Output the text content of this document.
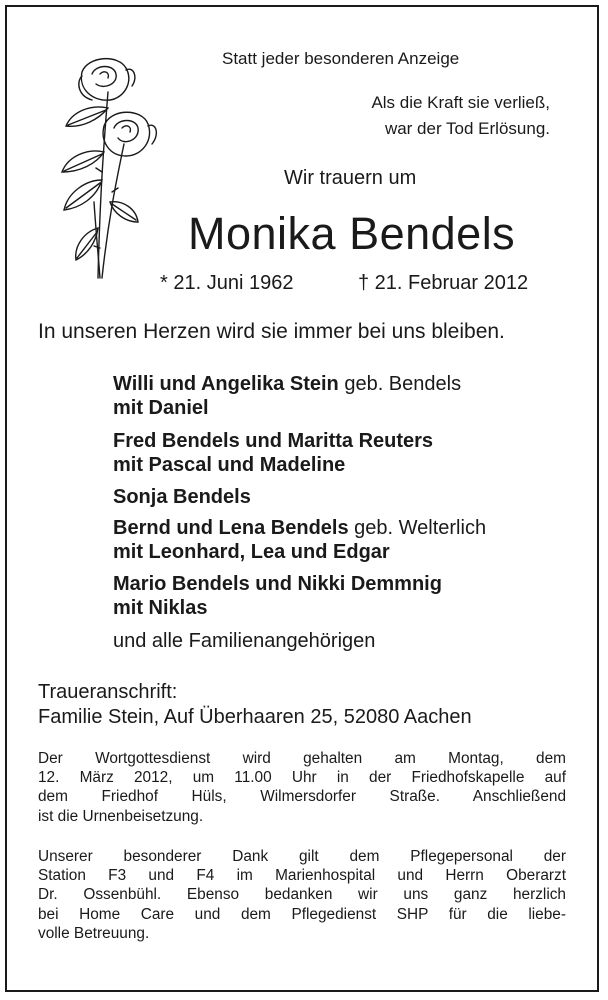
Statt jeder besonderen Anzeige
Als die Kraft sie verließ,
war der Tod Erlösung.
Wir trauern um
Monika Bendels
* 21. Juni 1962	† 21. Februar 2012
In unseren Herzen wird sie immer bei uns bleiben.
Willi und Angelika Stein geb. Bendels
mit Daniel
Fred Bendels und Maritta Reuters
mit Pascal und Madeline
Sonja Bendels
Bernd und Lena Bendels geb. Welterlich
mit Leonhard, Lea und Edgar
Mario Bendels und Nikki Demmnig
mit Niklas
und alle Familienangehörigen
Traueranschrift:
Familie Stein, Auf Überhaaren 25, 52080 Aachen
Der Wortgottesdienst wird gehalten am Montag, dem
12. März 2012, um 11.00 Uhr in der Friedhofskapelle auf
dem Friedhof Hüls, Wilmersdorfer Straße. Anschließend
ist die Urnenbeisetzung.
Unserer besonderer Dank gilt dem Pflegepersonal der
Station F3 und F4 im Marienhospital und Herrn Oberarzt
Dr. Ossenbühl. Ebenso bedanken wir uns ganz herzlich
bei Home Care und dem Pflegedienst SHP für die liebe-
volle Betreuung.
